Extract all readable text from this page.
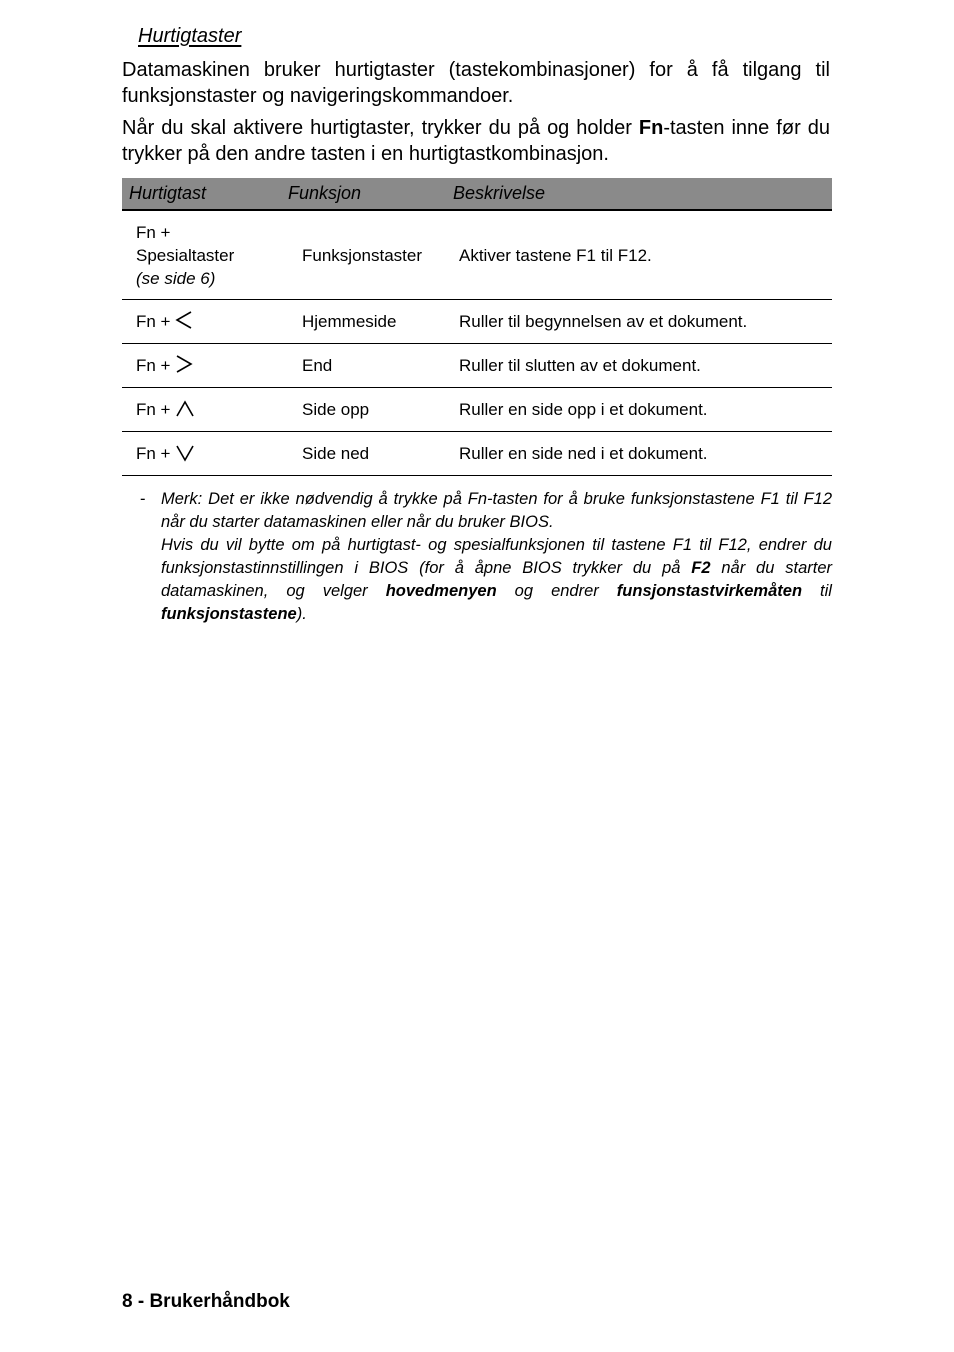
Hurtigtaster

Datamaskinen bruker hurtigtaster (tastekombinasjoner) for å få tilgang til funksjonstaster og navigeringskommandoer.

Når du skal aktivere hurtigtaster, trykker du på og holder Fn-tasten inne før du trykker på den andre tasten i en hurtigtastkombinasjon.

Hurtigtast	Funksjon	Beskrivelse
Fn +
Spesialtaster
(se side 6)	Funksjonstaster	Aktiver tastene F1 til F12.
Fn +	Hjemmeside	Ruller til begynnelsen av et dokument.
Fn +	End	Ruller til slutten av et dokument.
Fn +	Side opp	Ruller en side opp i et dokument.
Fn +	Side ned	Ruller en side ned i et dokument.
- Merk: Det er ikke nødvendig å trykke på Fn-tasten for å bruke funksjonstastene F1 til F12 når du starter datamaskinen eller når du bruker BIOS.
Hvis du vil bytte om på hurtigtast- og spesialfunksjonen til tastene F1 til F12, endrer du funksjonstastinnstillingen i BIOS (for å åpne BIOS trykker du på F2 når du starter datamaskinen, og velger hovedmenyen og endrer funsjonstastvirkemåten til
funksjonstastene).
8 - Brukerhåndbok
